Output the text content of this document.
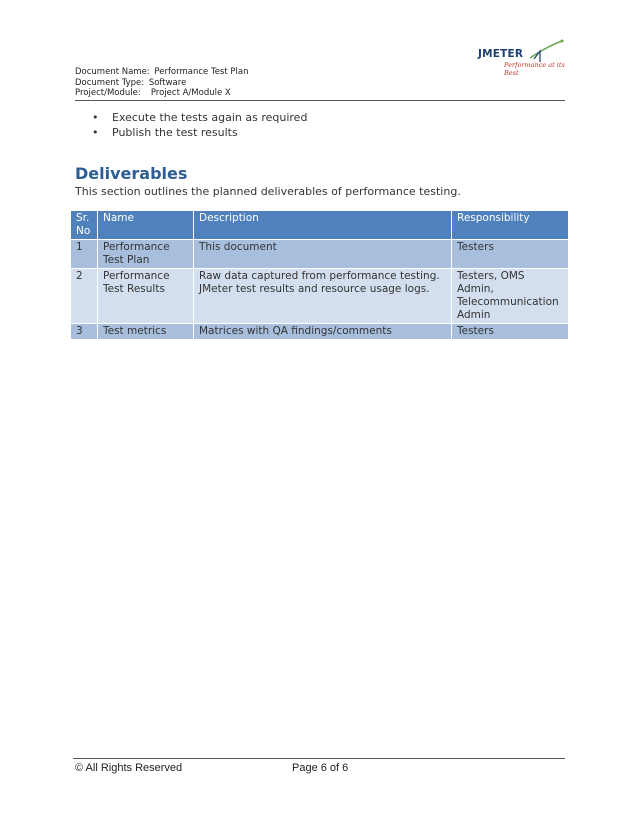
JMETER
Performance at its Best
Document Name: Performance Test Plan
Document Type: Software
Project/Module: Project A/Module X
• Execute the tests again as required
• Publish the test results
Deliverables
This section outlines the planned deliverables of performance testing.
Sr. No	Name	Description	Responsibility
1	Performance Test Plan	This document	Testers
2	Performance Test Results	Raw data captured from performance testing. JMeter test results and resource usage logs.	Testers, OMS Admin, Telecommunication Admin
3	Test metrics	Matrices with QA findings/comments	Testers
© All Rights Reserved	Page 6 of 6
